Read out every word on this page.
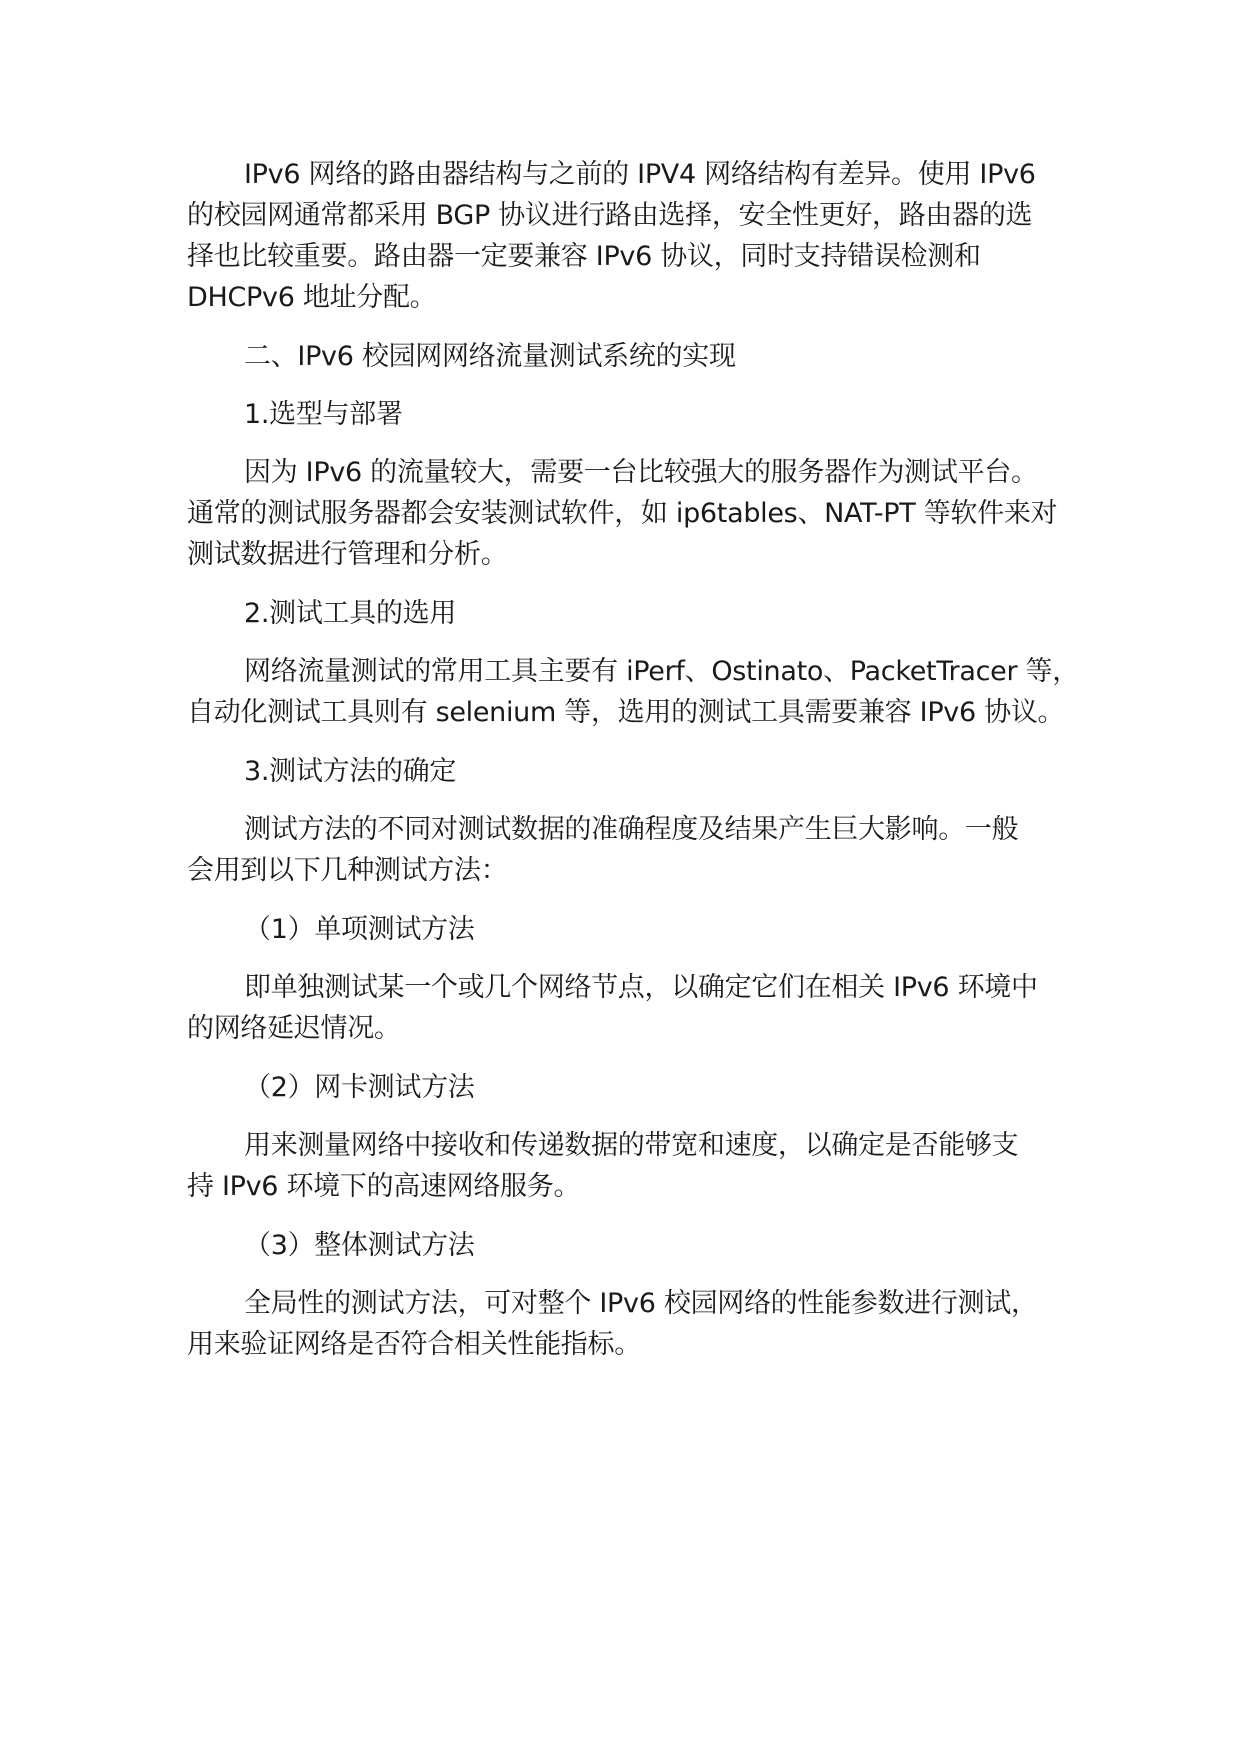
IPv6 网络的路由器结构与之前的 IPV4 网络结构有差异。使用 IPv6
的校园网通常都采用 BGP 协议进行路由选择，安全性更好，路由器的选
择也比较重要。路由器一定要兼容 IPv6 协议，同时支持错误检测和
DHCPv6 地址分配。
二、IPv6 校园网网络流量测试系统的实现
1.选型与部署
因为 IPv6 的流量较大，需要一台比较强大的服务器作为测试平台。
通常的测试服务器都会安装测试软件，如 ip6tables、NAT-PT 等软件来对
测试数据进行管理和分析。
2.测试工具的选用
网络流量测试的常用工具主要有 iPerf、Ostinato、PacketTracer 等，
自动化测试工具则有 selenium 等，选用的测试工具需要兼容 IPv6 协议。
3.测试方法的确定
测试方法的不同对测试数据的准确程度及结果产生巨大影响。一般
会用到以下几种测试方法：
（1）单项测试方法
即单独测试某一个或几个网络节点，以确定它们在相关 IPv6 环境中
的网络延迟情况。
（2）网卡测试方法
用来测量网络中接收和传递数据的带宽和速度，以确定是否能够支
持 IPv6 环境下的高速网络服务。
（3）整体测试方法
全局性的测试方法，可对整个 IPv6 校园网络的性能参数进行测试，
用来验证网络是否符合相关性能指标。
